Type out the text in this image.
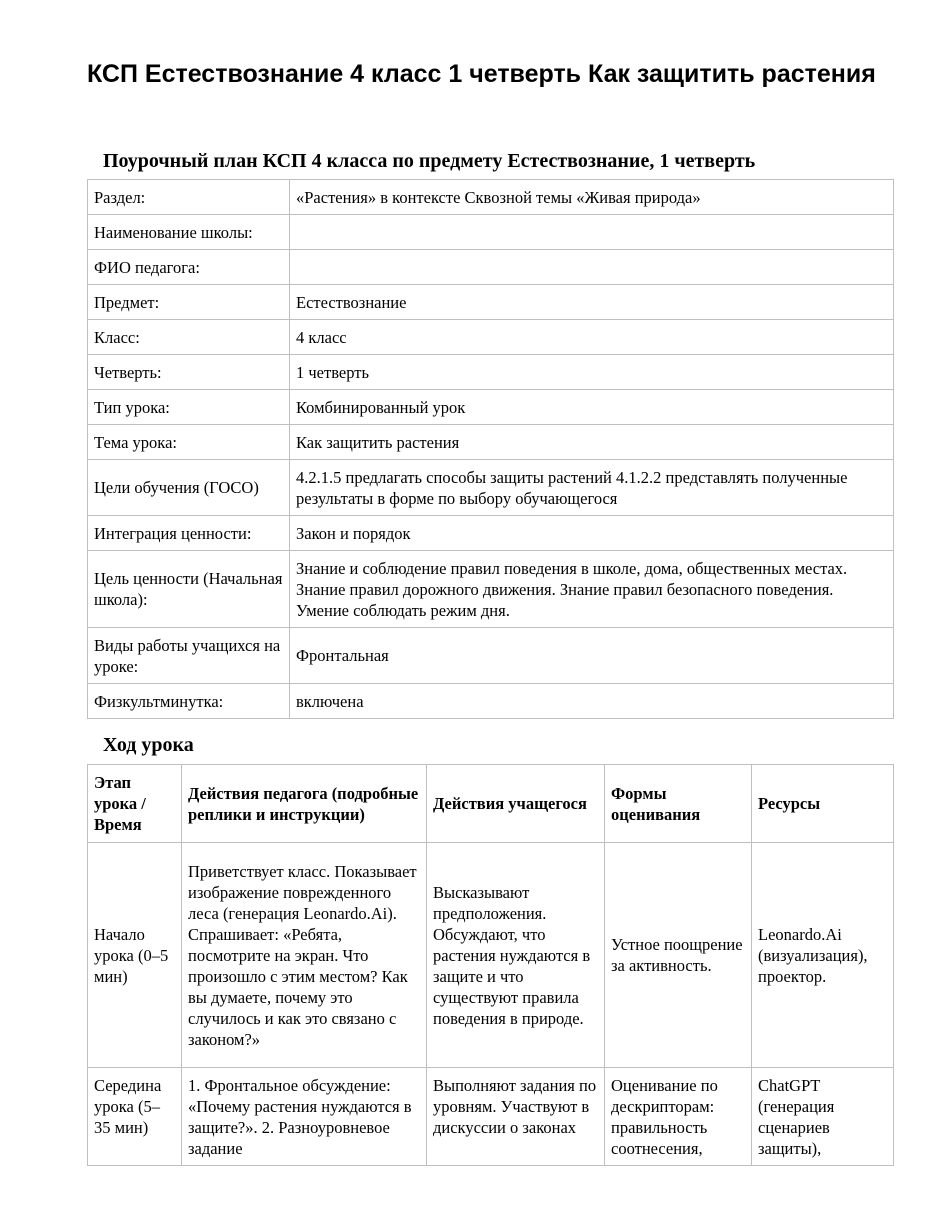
КСП Естествознание 4 класс 1 четверть Как защитить растения
Поурочный план КСП 4 класса по предмету Естествознание, 1 четверть
Раздел:	«Растения» в контексте Сквозной темы «Живая природа»
Наименование школы:	
ФИО педагога:	
Предмет:	Естествознание
Класс:	4 класс
Четверть:	1 четверть
Тип урока:	Комбинированный урок
Тема урока:	Как защитить растения
Цели обучения (ГОСО)	4.2.1.5 предлагать способы защиты растений 4.1.2.2 представлять полученные результаты в форме по выбору обучающегося
Интеграция ценности:	Закон и порядок
Цель ценности (Начальная школа):	Знание и соблюдение правил поведения в школе, дома, общественных местах. Знание правил дорожного движения. Знание правил безопасного поведения. Умение соблюдать режим дня.
Виды работы учащихся на уроке:	Фронтальная
Физкультминутка:	включена
Ход урока
Этап урока / Время	Действия педагога (подробные реплики и инструкции)	Действия учащегося	Формы оценивания	Ресурсы
Начало урока (0–5 мин)	Приветствует класс. Показывает изображение поврежденного леса (генерация Leonardo.Ai). Спрашивает: «Ребята, посмотрите на экран. Что произошло с этим местом? Как вы думаете, почему это случилось и как это связано с законом?»	Высказывают предположения. Обсуждают, что растения нуждаются в защите и что существуют правила поведения в природе.	Устное поощрение за активность.	Leonardo.Ai (визуализация), проектор.
Середина урока (5–35 мин)	1. Фронтальное обсуждение: «Почему растения нуждаются в защите?». 2. Разноуровневое задание	Выполняют задания по уровням. Участвуют в дискуссии о законах	Оценивание по дескрипторам: правильность соотнесения,	ChatGPT (генерация сценариев защиты),
